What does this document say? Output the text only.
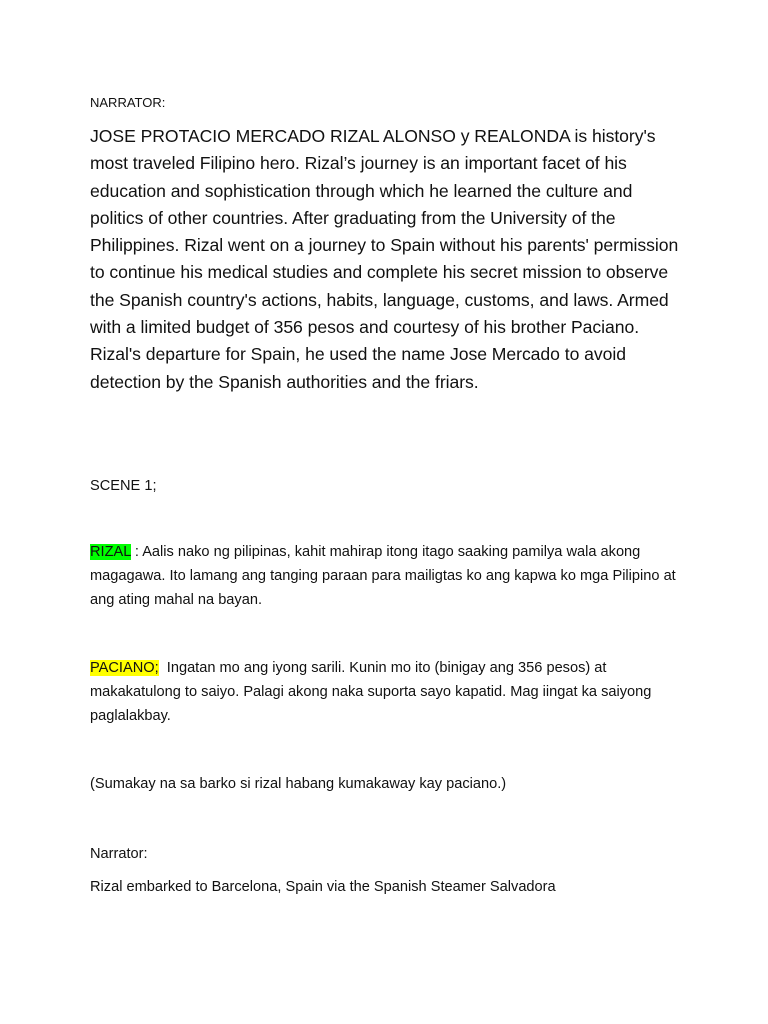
NARRATOR:
JOSE PROTACIO MERCADO RIZAL ALONSO y REALONDA is history's most traveled Filipino hero. Rizal’s journey is an important facet of his education and sophistication through which he learned the culture and politics of other countries. After graduating from the University of the Philippines. Rizal went on a journey to Spain without his parents' permission to continue his medical studies and complete his secret mission to observe the Spanish country's actions, habits, language, customs, and laws. Armed with a limited budget of 356 pesos and courtesy of his brother Paciano. Rizal's departure for Spain, he used the name Jose Mercado to avoid detection by the Spanish authorities and the friars.
SCENE 1;
RIZAL : Aalis nako ng pilipinas, kahit mahirap itong itago saaking pamilya wala akong magagawa. Ito lamang ang tanging paraan para mailigtas ko ang kapwa ko mga Pilipino at ang ating mahal na bayan.
PACIANO; Ingatan mo ang iyong sarili. Kunin mo ito (binigay ang 356 pesos) at makakatulong to saiyo. Palagi akong naka suporta sayo kapatid. Mag iingat ka saiyong paglalakbay.
(Sumakay na sa barko si rizal habang kumakaway kay paciano.)
Narrator:
Rizal embarked to Barcelona, Spain via the Spanish Steamer Salvadora
